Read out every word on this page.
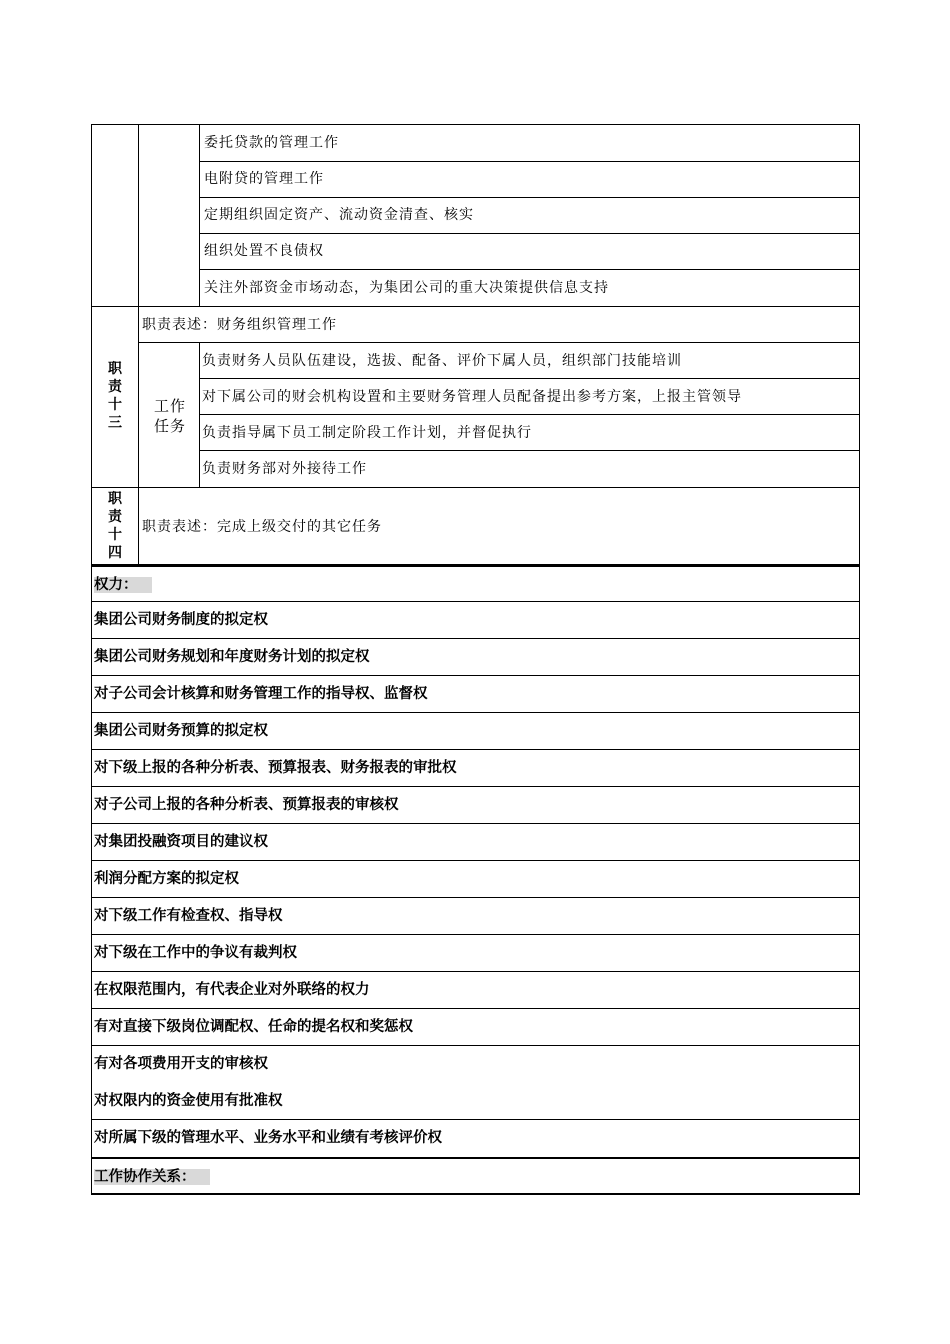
委托贷款的管理工作
电附贷的管理工作
定期组织固定资产、流动资金清查、核实
组织处置不良债权
关注外部资金市场动态，为集团公司的重大决策提供信息支持
职
责
十
三
职责表述：财务组织管理工作
工作
任务
负责财务人员队伍建设，选拔、配备、评价下属人员，组织部门技能培训
对下属公司的财会机构设置和主要财务管理人员配备提出参考方案，上报主管领导
负责指导属下员工制定阶段工作计划，并督促执行
负责财务部对外接待工作
职
责
十
四
职责表述：完成上级交付的其它任务
权力：
集团公司财务制度的拟定权
集团公司财务规划和年度财务计划的拟定权
对子公司会计核算和财务管理工作的指导权、监督权
集团公司财务预算的拟定权
对下级上报的各种分析表、预算报表、财务报表的审批权
对子公司上报的各种分析表、预算报表的审核权
对集团投融资项目的建议权
利润分配方案的拟定权
对下级工作有检查权、指导权
对下级在工作中的争议有裁判权
在权限范围内，有代表企业对外联络的权力
有对直接下级岗位调配权、任命的提名权和奖惩权
有对各项费用开支的审核权
对权限内的资金使用有批准权
对所属下级的管理水平、业务水平和业绩有考核评价权
工作协作关系：
